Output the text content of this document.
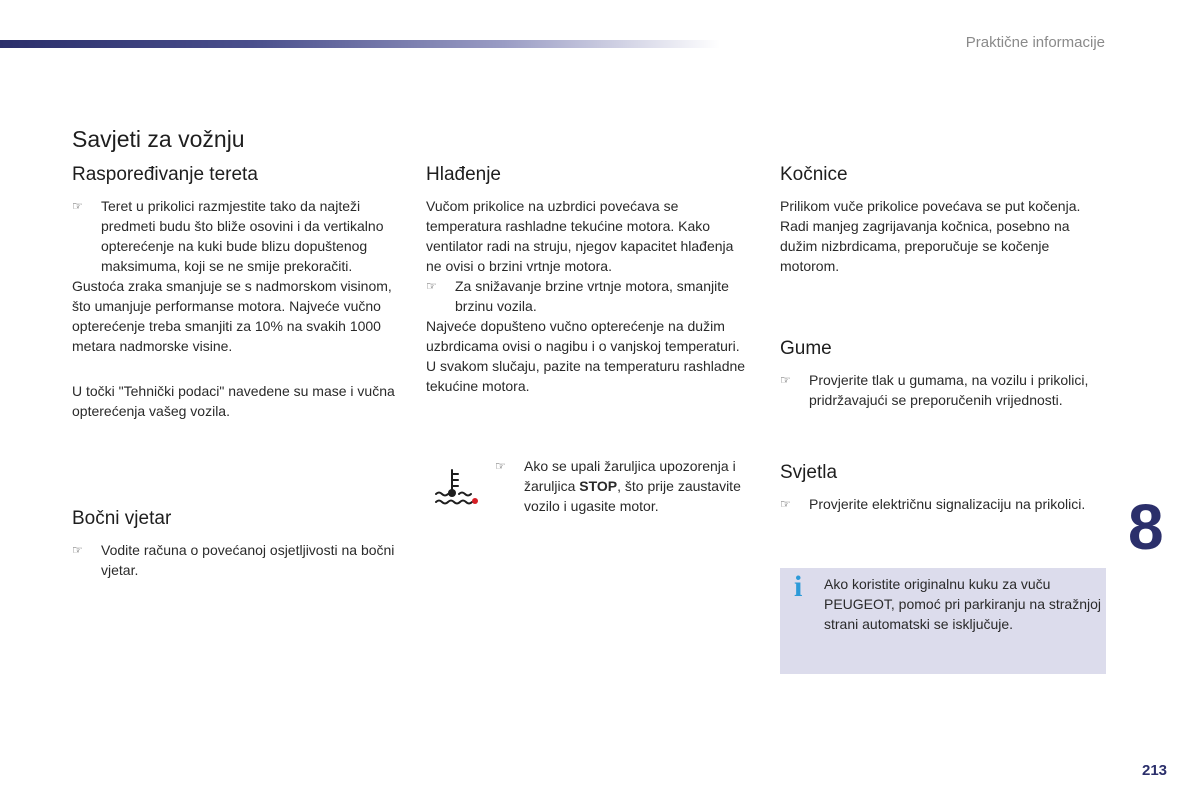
Praktične informacije
Savjeti za vožnju
Raspoređivanje tereta
☞ Teret u prikolici razmjestite tako da najteži predmeti budu što bliže osovini i da vertikalno opterećenje na kuki bude blizu dopuštenog maksimuma, koji se ne smije prekoračiti.

Gustoća zraka smanjuje se s nadmorskom visinom, što umanjuje performanse motora. Najveće vučno opterećenje treba smanjiti za 10% na svakih 1000 metara nadmorske visine.

U točki "Tehnički podaci" navedene su mase i vučna opterećenja vašeg vozila.

Bočni vjetar
☞ Vodite računa o povećanoj osjetljivosti na bočni vjetar.
Hlađenje

Vučom prikolice na uzbrdici povećava se temperatura rashladne tekućine motora. Kako ventilator radi na struju, njegov kapacitet hlađenja ne ovisi o brzini vrtnje motora.

☞ Za snižavanje brzine vrtnje motora, smanjite brzinu vozila.

Najveće dopušteno vučno opterećenje na dužim uzbrdicama ovisi o nagibu i o vanjskoj temperaturi.

U svakom slučaju, pazite na temperaturu rashladne tekućine motora.

☞ Ako se upali žaruljica upozorenja i žaruljica STOP, što prije zaustavite vozilo i ugasite motor.
Kočnice

Prilikom vuče prikolice povećava se put kočenja.

Radi manjeg zagrijavanja kočnica, posebno na dužim nizbrdicama, preporučuje se kočenje motorom.

Gume
☞ Provjerite tlak u gumama, na vozilu i prikolici, pridržavajući se preporučenih vrijednosti.
Svjetla
☞ Provjerite električnu signalizaciju na prikolici.
i Ako koristite originalnu kuku za vuču PEUGEOT, pomoć pri parkiranju na stražnjoj strani automatski se isključuje.
8
213
